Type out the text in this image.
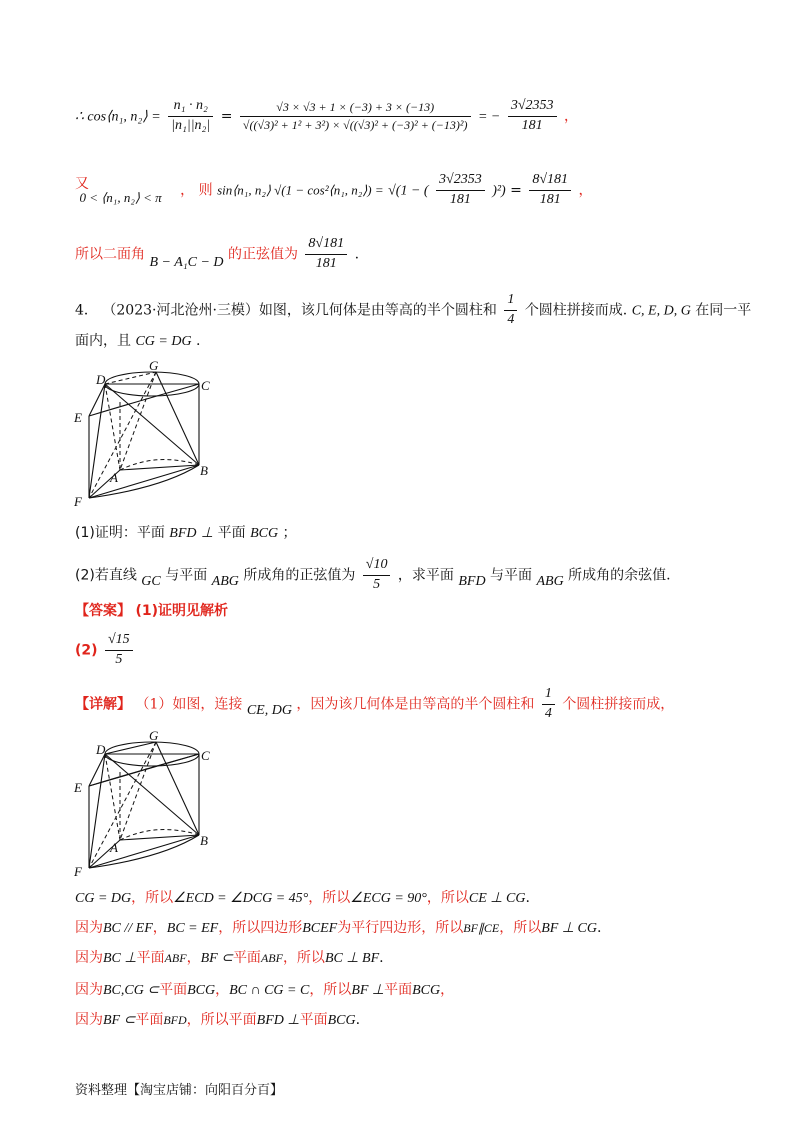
∴ cos⟨n₁, n₂⟩ = $\frac{\text{n₁ · n₂}}{\text{|n₁||n₂|}} = \frac{√3 \times √3 + 1 \times (-3) + 3 \times (-13)}{\text{√((√3)² + 1² + 3²) × √((√3)² + (−3)² + (−13)²)}}$ = − $\frac{3√2353}{181}$ ，
又 0 < ⟨n₁, n₂⟩ < π ， 则 sin⟨n₁, n₂⟩ √(1 − cos²⟨n₁, n₂⟩) = √(1 − ( $\frac{3√2353}{181} )^2) = \frac{8√181}{181}$ ，
所以二面角 B − A₁C − D 的正弦值为 $\frac{8√181}{181}$ .
4． （2023·河北沧州·三模）如图，该几何体是由等高的半个圆柱和 $\frac{1}{4}$ 个圆柱拼接而成. C, E, D, G 在同一平
面内，且 CG = DG .
D
G
C
E
A	B
F
(1)证明：平面 BFD ⊥ 平面 BCG ；
(2)若直线 GC 与平面 ABG 所成角的正弦值为 $\frac{√10}{5}$ ，求平面 BFD 与平面 ABG 所成角的余弦值.
【答案】 (1)证明见解析
$(2) \frac{√15}{5}$
【详解】 （1）如图，连接 CE, DG ，因为该几何体是由等高的半个圆柱和 $\frac{1}{4}$ 个圆柱拼接而成，
D
G
C
E
A	B
F
CG = DG，所以∠ECD = ∠DCG = 45°，所以∠ECG = 90°，所以CE ⊥ CG.
因为BC // EF，BC = EF，所以四边形BCEF为平行四边形，所以BF∥CE，所以BF ⊥ CG.
因为BC ⊥平面ABF，BF ⊂平面ABF，所以BC ⊥ BF.
因为BC,CG ⊂平面BCG，BC ∩ CG = C，所以BF ⊥平面BCG，
因为BF ⊂平面BFD，所以平面BFD ⊥平面BCG.
资料整理【淘宝店铺：向阳百分百】
